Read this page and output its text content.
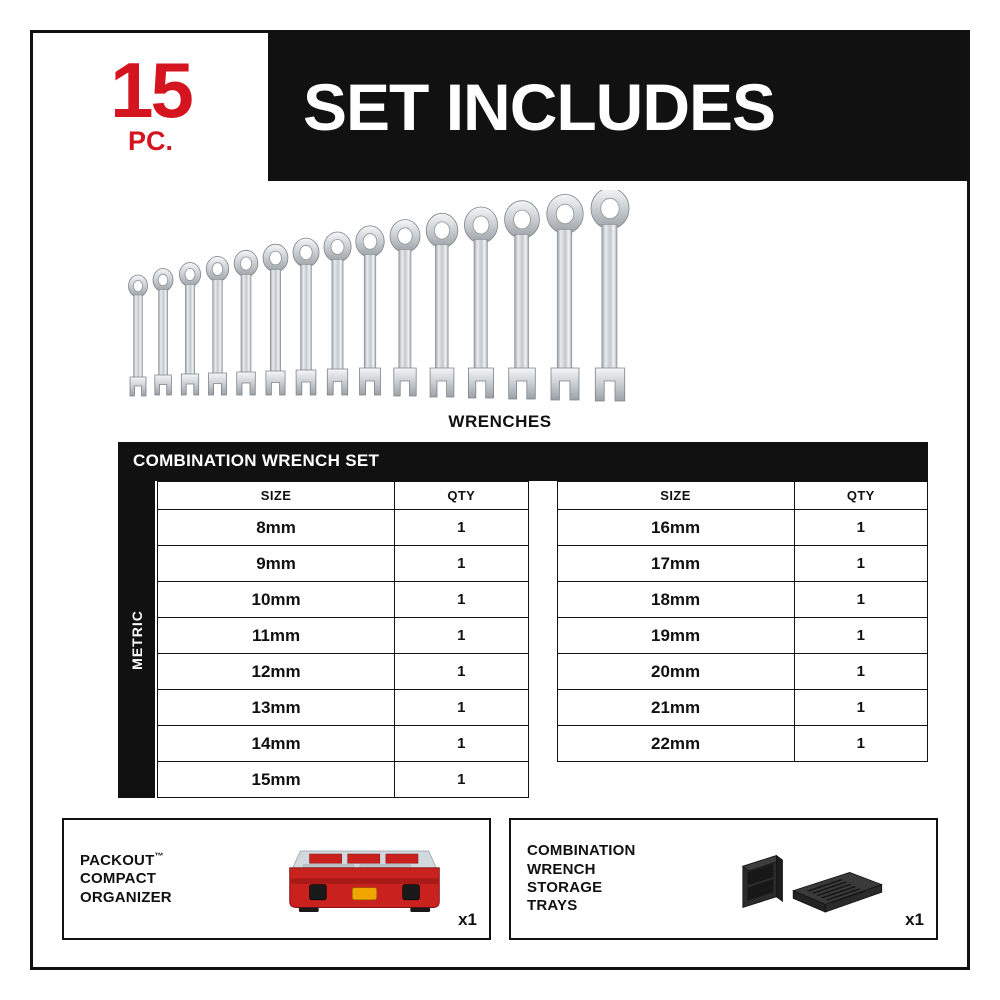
15
PC. SET INCLUDES
WRENCHES
COMBINATION WRENCH SET
METRIC
SIZE	QTY
8mm	1
9mm	1
10mm	1
11mm	1
12mm	1
13mm	1
14mm	1
15mm	1
SIZE	QTY
16mm	1
17mm	1
18mm	1
19mm	1
20mm	1
21mm	1
22mm	1

PACKOUT™
COMPACT
ORGANIZER
x1
COMBINATION
WRENCH
STORAGE
TRAYS
x1
